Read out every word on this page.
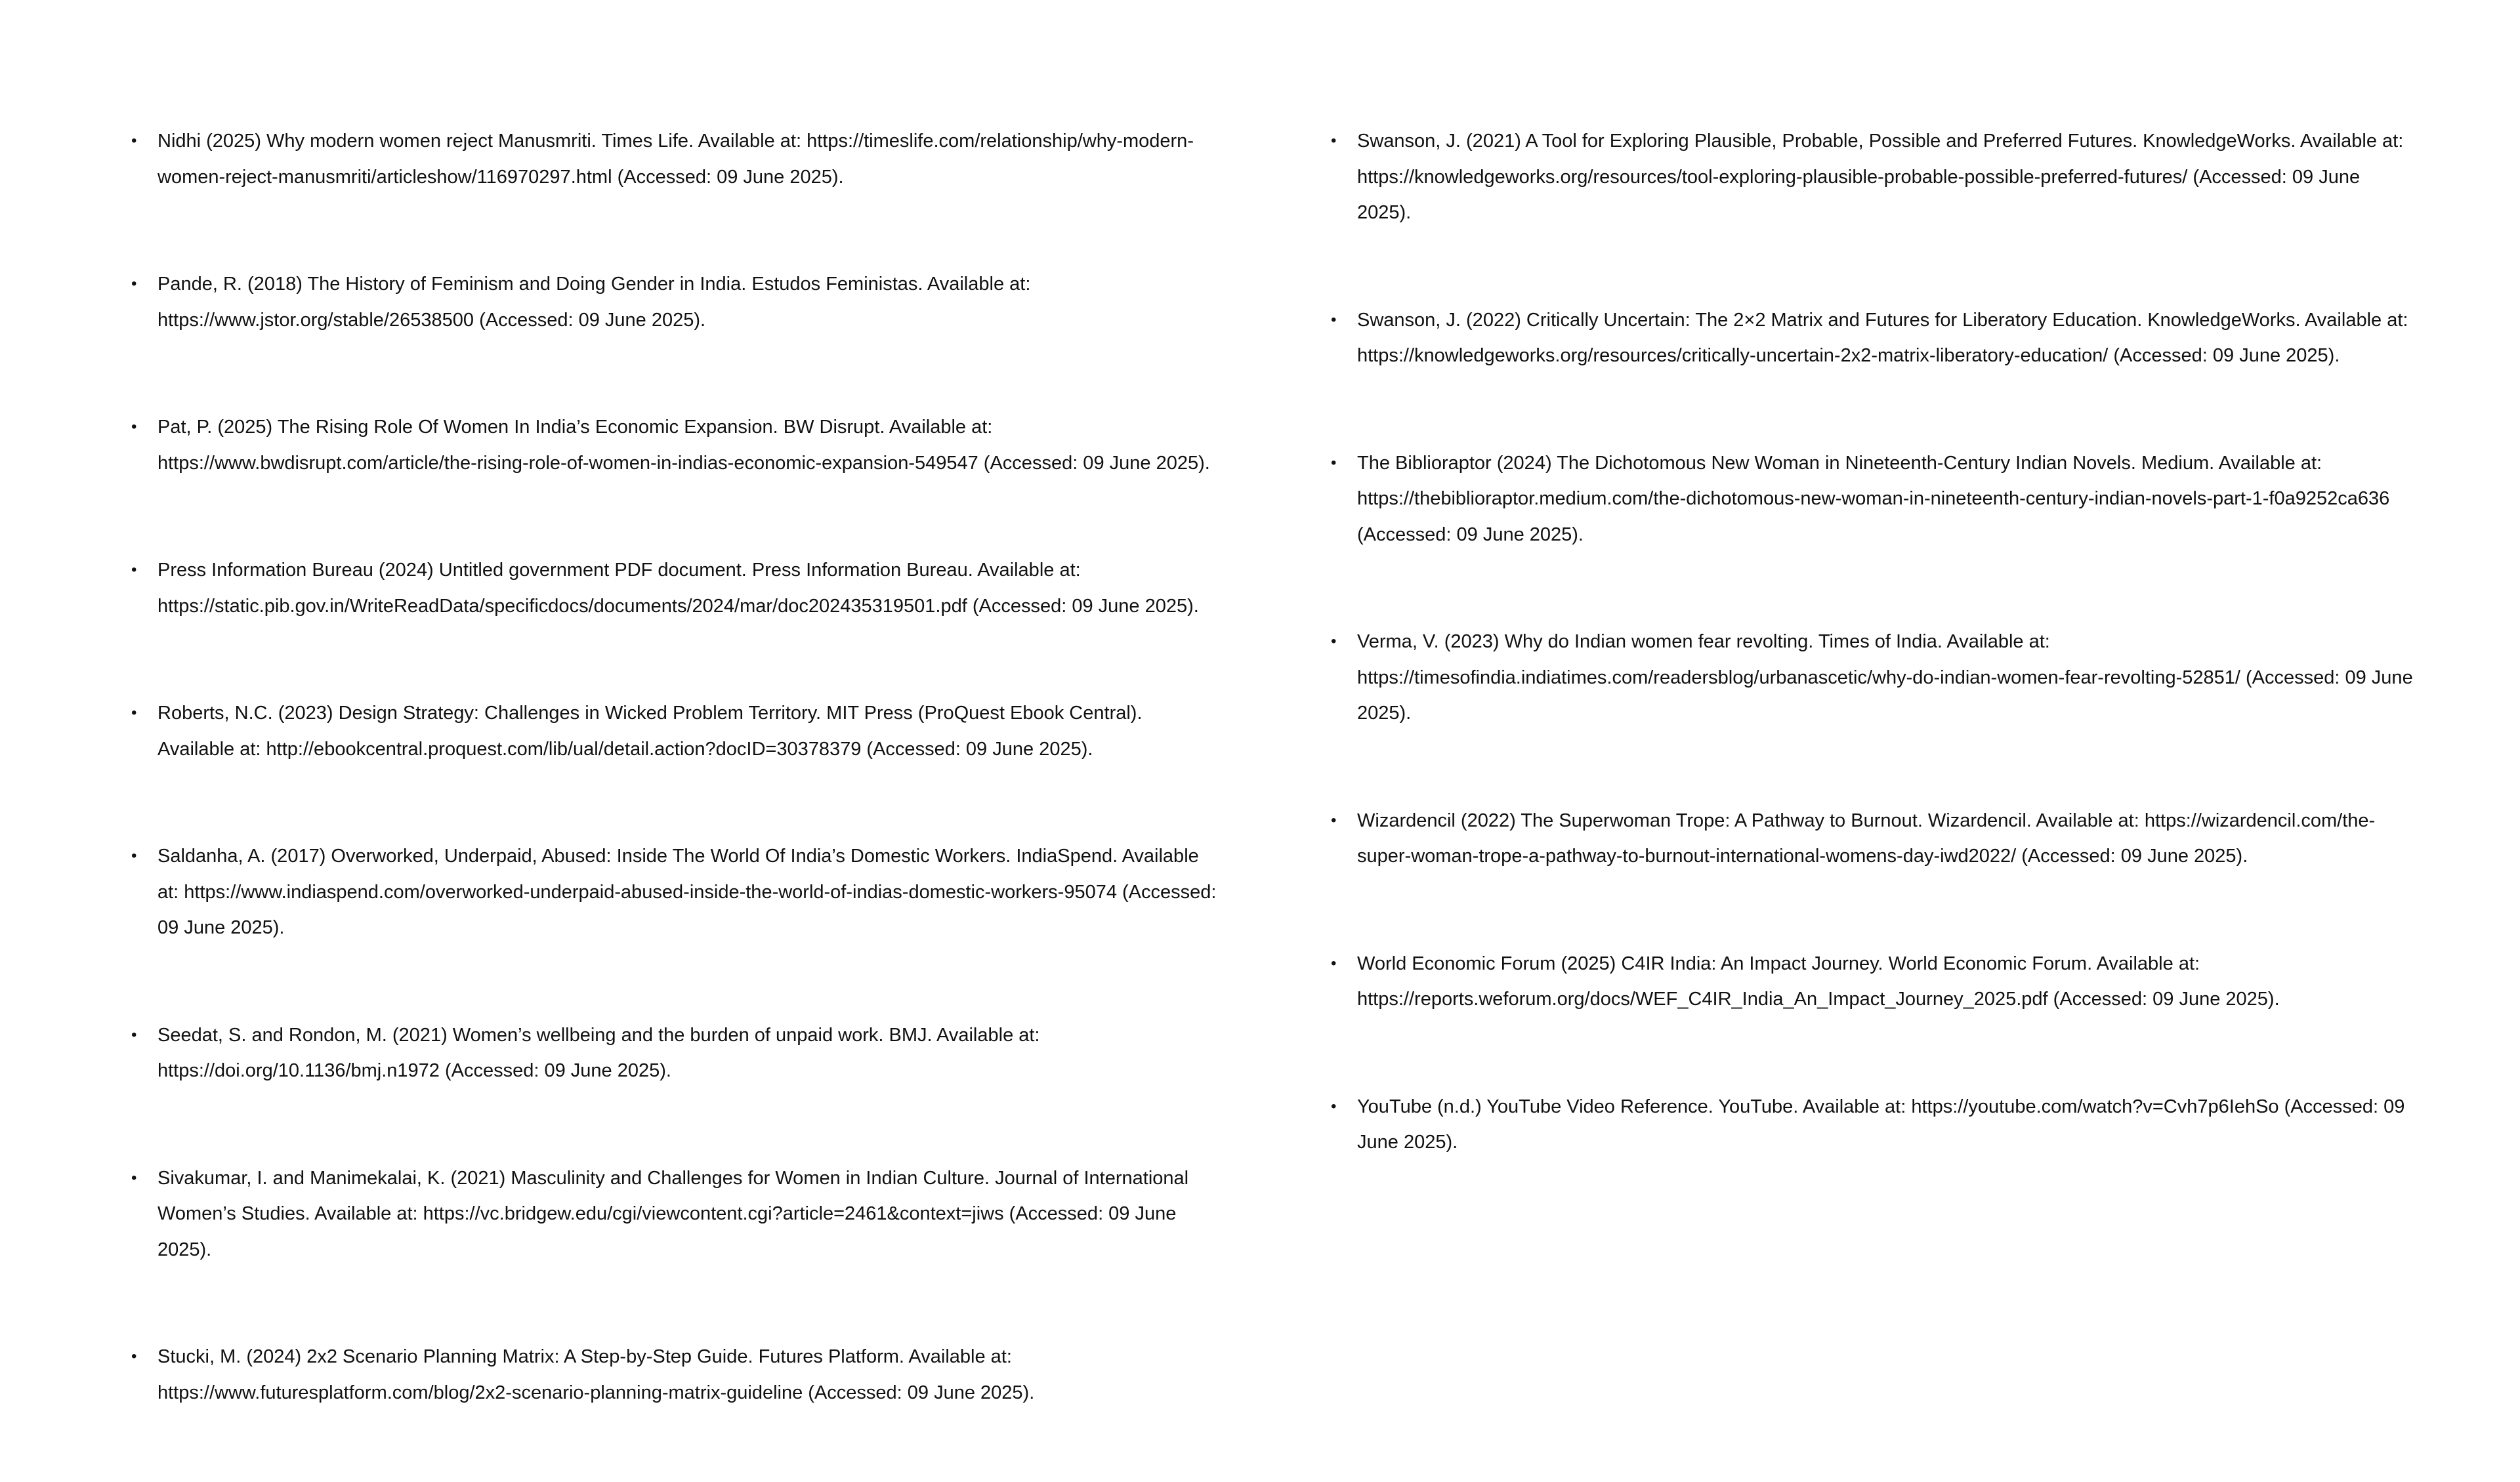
• Nidhi (2025) Why modern women reject Manusmriti. Times Life. Available at: https://timeslife.com/relationship/why-modern-women-reject-manusmriti/articleshow/116970297.html (Accessed: 09 June 2025).
• Pande, R. (2018) The History of Feminism and Doing Gender in India. Estudos Feministas. Available at: https://www.jstor.org/stable/26538500 (Accessed: 09 June 2025).
• Pat, P. (2025) The Rising Role Of Women In India’s Economic Expansion. BW Disrupt. Available at: https://www.bwdisrupt.com/article/the-rising-role-of-women-in-indias-economic-expansion-549547 (Accessed: 09 June 2025).
• Press Information Bureau (2024) Untitled government PDF document. Press Information Bureau. Available at: https://static.pib.gov.in/WriteReadData/specificdocs/documents/2024/mar/doc202435319501.pdf (Accessed: 09 June 2025).
• Roberts, N.C. (2023) Design Strategy: Challenges in Wicked Problem Territory. MIT Press (ProQuest Ebook Central). Available at: http://ebookcentral.proquest.com/lib/ual/detail.action?docID=30378379 (Accessed: 09 June 2025).
• Saldanha, A. (2017) Overworked, Underpaid, Abused: Inside The World Of India’s Domestic Workers. IndiaSpend. Available at: https://www.indiaspend.com/overworked-underpaid-abused-inside-the-world-of-indias-domestic-workers-95074 (Accessed: 09 June 2025).
• Seedat, S. and Rondon, M. (2021) Women’s wellbeing and the burden of unpaid work. BMJ. Available at: https://doi.org/10.1136/bmj.n1972 (Accessed: 09 June 2025).
• Sivakumar, I. and Manimekalai, K. (2021) Masculinity and Challenges for Women in Indian Culture. Journal of International Women’s Studies. Available at: https://vc.bridgew.edu/cgi/viewcontent.cgi?article=2461&context=jiws (Accessed: 09 June 2025).
• Stucki, M. (2024) 2x2 Scenario Planning Matrix: A Step-by-Step Guide. Futures Platform. Available at: https://www.futuresplatform.com/blog/2x2-scenario-planning-matrix-guideline (Accessed: 09 June 2025).
• Swanson, J. (2021) A Tool for Exploring Plausible, Probable, Possible and Preferred Futures. KnowledgeWorks. Available at: https://knowledgeworks.org/resources/tool-exploring-plausible-probable-possible-preferred-futures/ (Accessed: 09 June 2025).
• Swanson, J. (2022) Critically Uncertain: The 2×2 Matrix and Futures for Liberatory Education. KnowledgeWorks. Available at: https://knowledgeworks.org/resources/critically-uncertain-2x2-matrix-liberatory-education/ (Accessed: 09 June 2025).
• The Biblioraptor (2024) The Dichotomous New Woman in Nineteenth-Century Indian Novels. Medium. Available at: https://thebiblioraptor.medium.com/the-dichotomous-new-woman-in-nineteenth-century-indian-novels-part-1-f0a9252ca636 (Accessed: 09 June 2025).
• Verma, V. (2023) Why do Indian women fear revolting. Times of India. Available at: https://timesofindia.indiatimes.com/readersblog/urbanascetic/why-do-indian-women-fear-revolting-52851/ (Accessed: 09 June 2025).
• Wizardencil (2022) The Superwoman Trope: A Pathway to Burnout. Wizardencil. Available at: https://wizardencil.com/the-super-woman-trope-a-pathway-to-burnout-international-womens-day-iwd2022/ (Accessed: 09 June 2025).
• World Economic Forum (2025) C4IR India: An Impact Journey. World Economic Forum. Available at: https://reports.weforum.org/docs/WEF_C4IR_India_An_Impact_Journey_2025.pdf (Accessed: 09 June 2025).
• YouTube (n.d.) YouTube Video Reference. YouTube. Available at: https://youtube.com/watch?v=Cvh7p6IehSo (Accessed: 09 June 2025).
